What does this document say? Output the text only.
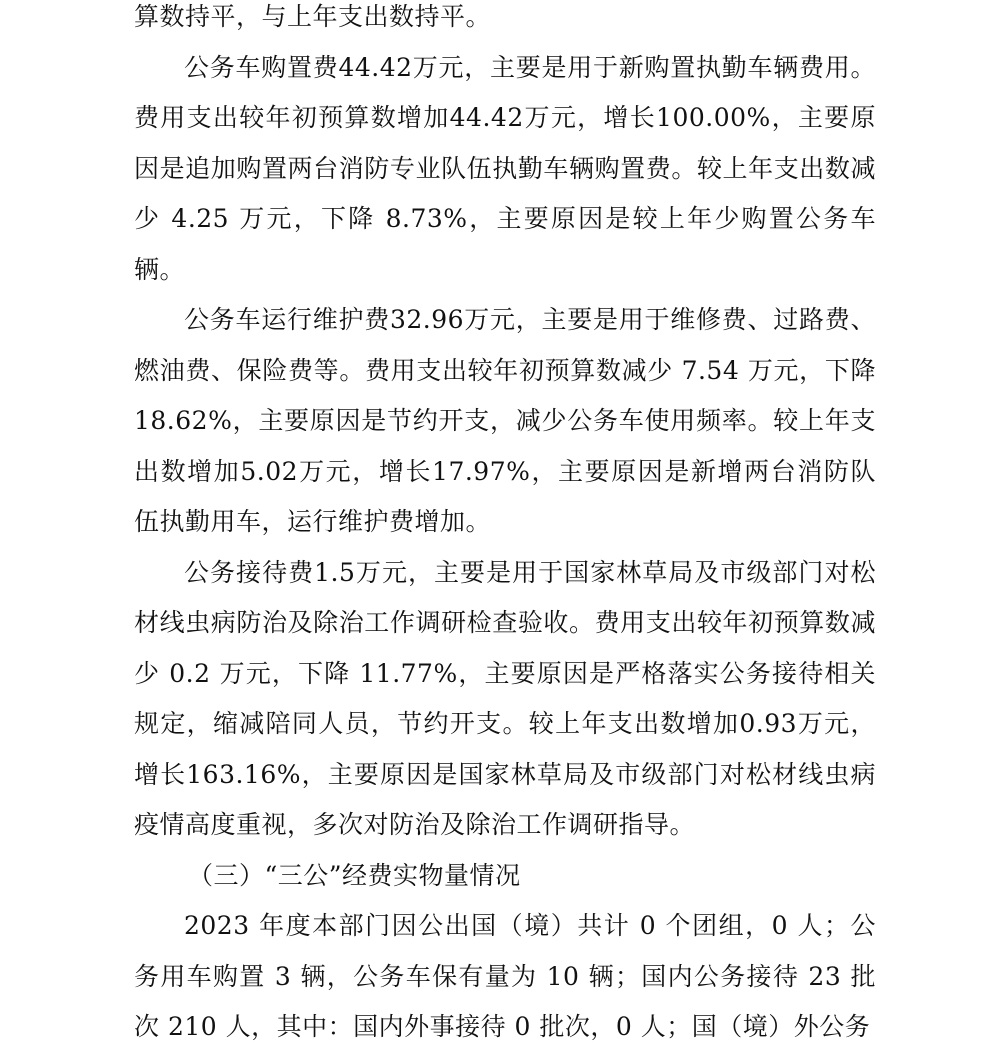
算数持平，与上年支出数持平。

公务车购置费44.42万元，主要是用于新购置执勤车辆费用。费用支出较年初预算数增加44.42万元，增长100.00%，主要原因是追加购置两台消防专业队伍执勤车辆购置费。较上年支出数减少 4.25 万元，下降 8.73%，主要原因是较上年少购置公务车辆。

公务车运行维护费32.96万元，主要是用于维修费、过路费、燃油费、保险费等。费用支出较年初预算数减少 7.54 万元，下降 18.62%，主要原因是节约开支，减少公务车使用频率。较上年支出数增加5.02万元，增长17.97%，主要原因是新增两台消防队伍执勤用车，运行维护费增加。

公务接待费1.5万元，主要是用于国家林草局及市级部门对松材线虫病防治及除治工作调研检查验收。费用支出较年初预算数减少 0.2 万元，下降 11.77%，主要原因是严格落实公务接待相关规定，缩减陪同人员，节约开支。较上年支出数增加0.93万元，增长163.16%，主要原因是国家林草局及市级部门对松材线虫病疫情高度重视，多次对防治及除治工作调研指导。

（三）“三公”经费实物量情况

2023 年度本部门因公出国（境）共计 0 个团组，0 人；公务用车购置 3 辆，公务车保有量为 10 辆；国内公务接待 23 批次 210 人，其中：国内外事接待 0 批次，0 人；国（境）外公务
